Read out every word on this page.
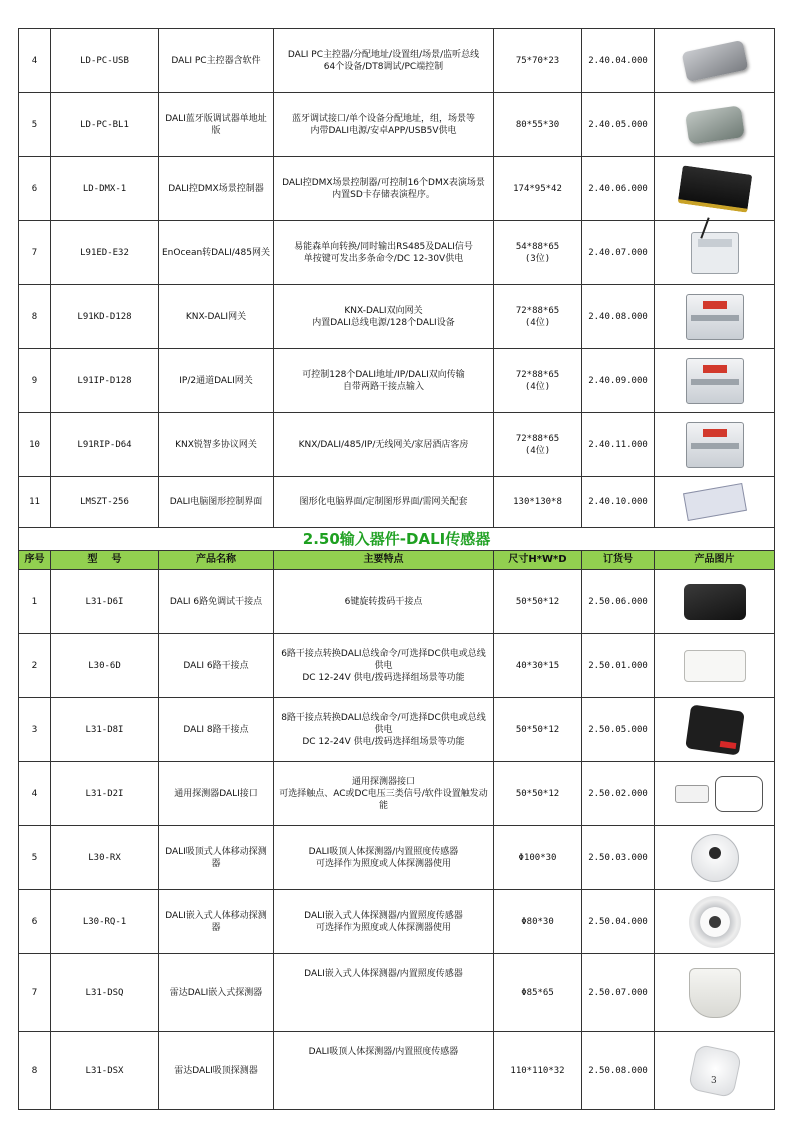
4	LD-PC-USB	DALI PC主控器含软件	DALI PC主控器/分配地址/设置组/场景/监听总线
64个设备/DT8调试/PC端控制	75*70*23	2.40.04.000	

5	LD-PC-BL1	DALI蓝牙版调试器单地址版	蓝牙调试接口/单个设备分配地址，组，场景等
内带DALI电源/安卓APP/USB5V供电	80*55*30	2.40.05.000	

6	LD-DMX-1	DALI控DMX场景控制器	DALI控DMX场景控制器/可控制16个DMX表演场景
内置SD卡存储表演程序。	174*95*42	2.40.06.000	

7	L91ED-E32	EnOcean转DALI/485网关	易能森单向转换/同时输出RS485及DALI信号
单按键可发出多条命令/DC 12-30V供电	54*88*65
(3位)	2.40.07.000	

8	L91KD-D128	KNX-DALI网关	KNX-DALI双向网关
内置DALI总线电源/128个DALI设备	72*88*65
(4位)	2.40.08.000	

9	L91IP-D128	IP/2通道DALI网关	可控制128个DALI地址/IP/DALI双向传输
自带两路干接点输入	72*88*65
(4位)	2.40.09.000	

10	L91RIP-D64	KNX锐智多协议网关	KNX/DALI/485/IP/无线网关/家居酒店客房	72*88*65
(4位)	2.40.11.000	

11	LMSZT-256	DALI电脑图形控制界面	图形化电脑界面/定制图形界面/需网关配套	130*130*8	2.40.10.000	

2.50输入器件-DALI传感器						
序号	型    号	产品名称	主要特点	尺寸H*W*D	订货号	产品图片
1	L31-D6I	DALI 6路免调试干接点	6键旋转拨码干接点	50*50*12	2.50.06.000	

2	L30-6D	DALI 6路干接点	6路干接点转换DALI总线命令/可选择DC供电或总线供电
DC 12-24V 供电/拨码选择组场景等功能	40*30*15	2.50.01.000	

3	L31-D8I	DALI 8路干接点	8路干接点转换DALI总线命令/可选择DC供电或总线供电
DC 12-24V 供电/拨码选择组场景等功能	50*50*12	2.50.05.000	

4	L31-D2I	通用探测器DALI接口	通用探测器接口
可选择触点、AC或DC电压三类信号/软件设置触发动能	50*50*12	2.50.02.000	

5	L30-RX	DALI吸顶式人体移动探测器	DALI吸顶人体探测器/内置照度传感器
可选择作为照度或人体探测器使用	Φ100*30	2.50.03.000	

6	L30-RQ-1	DALI嵌入式人体移动探测器	DALI嵌入式人体探测器/内置照度传感器
可选择作为照度或人体探测器使用	Φ80*30	2.50.04.000	

7	L31-DSQ	雷达DALI嵌入式探测器	DALI嵌入式人体探测器/内置照度传感器	Φ85*65	2.50.07.000	

8	L31-DSX	雷达DALI吸顶探测器	DALI吸顶人体探测器/内置照度传感器	110*110*32	2.50.08.000	
3
